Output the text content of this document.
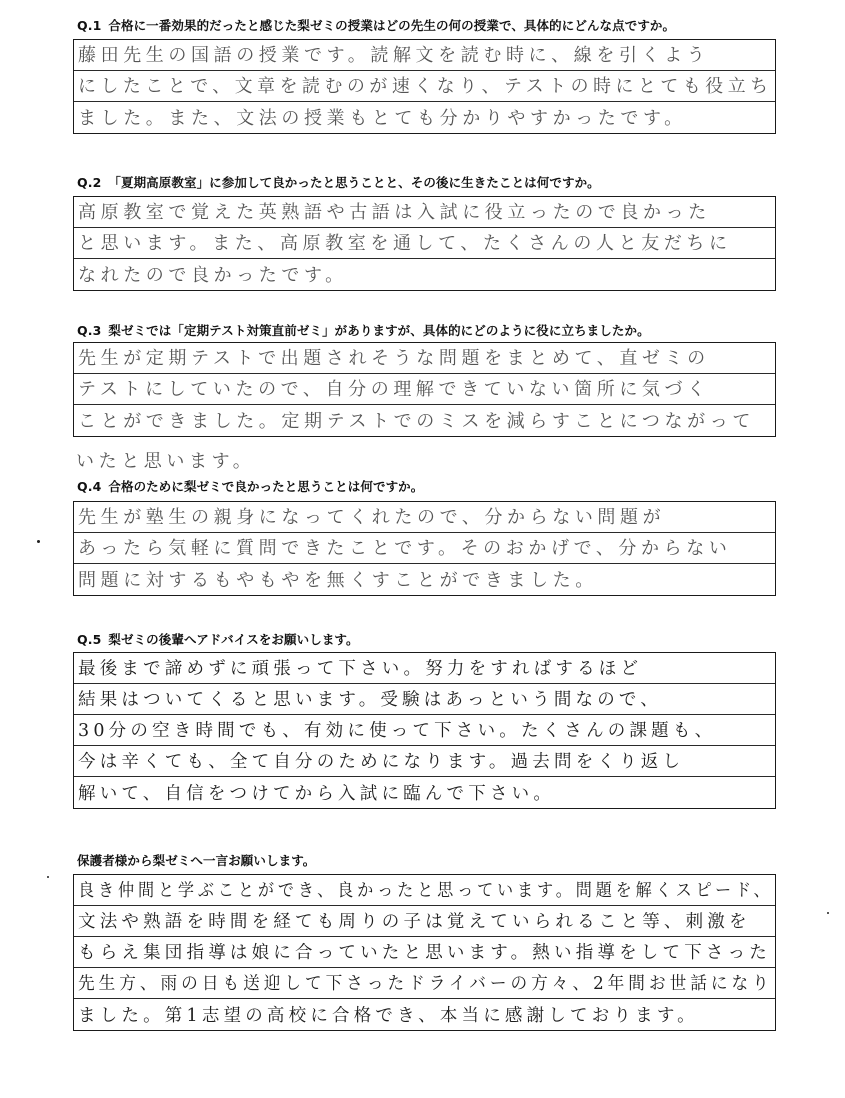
Q.1 合格に一番効果的だったと感じた梨ゼミの授業はどの先生の何の授業で、具体的にどんな点ですか。
藤田先生の国語の授業です。読解文を読む時に、線を引くよう
にしたことで、文章を読むのが速くなり、テストの時にとても役立ち
ました。また、文法の授業もとても分かりやすかったです。
Q.2 「夏期高原教室」に参加して良かったと思うことと、その後に生きたことは何ですか。
高原教室で覚えた英熟語や古語は入試に役立ったので良かった
と思います。また、高原教室を通して、たくさんの人と友だちに
なれたので良かったです。
Q.3 梨ゼミでは「定期テスト対策直前ゼミ」がありますが、具体的にどのように役に立ちましたか。
先生が定期テストで出題されそうな問題をまとめて、直ゼミの
テストにしていたので、自分の理解できていない箇所に気づく
ことができました。定期テストでのミスを減らすことにつながって
いたと思います。
Q.4 合格のために梨ゼミで良かったと思うことは何ですか。
先生が塾生の親身になってくれたので、分からない問題が
あったら気軽に質問できたことです。そのおかげで、分からない
問題に対するもやもやを無くすことができました。
Q.5 梨ゼミの後輩へアドバイスをお願いします。
最後まで諦めずに頑張って下さい。努力をすればするほど
結果はついてくると思います。受験はあっという間なので、
30分の空き時間でも、有効に使って下さい。たくさんの課題も、
今は辛くても、全て自分のためになります。過去問をくり返し
解いて、自信をつけてから入試に臨んで下さい。
保護者様から梨ゼミへ一言お願いします。
良き仲間と学ぶことができ、良かったと思っています。問題を解くスピード、
文法や熟語を時間を経ても周りの子は覚えていられること等、刺激を
もらえ集団指導は娘に合っていたと思います。熱い指導をして下さった
先生方、雨の日も送迎して下さったドライバーの方々、2年間お世話になり
ました。第1志望の高校に合格でき、本当に感謝しております。
